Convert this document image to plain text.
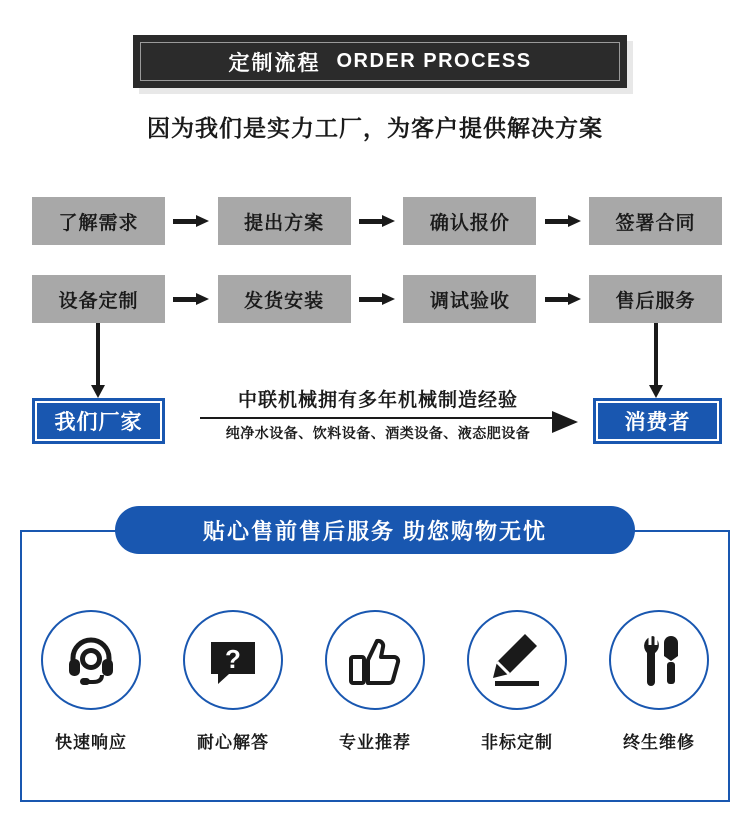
定制流程 ORDER PROCESS
因为我们是实力工厂，为客户提供解决方案
了解需求	提出方案	确认报价	签署合同
设备定制	发货安装	调试验收	售后服务
我们厂家
中联机械拥有多年机械制造经验
纯净水设备、饮料设备、酒类设备、液态肥设备	消费者
贴心售前售后服务 助您购物无忧
快速响应
?
耐心解答	专业推荐	非标定制	终生维修
